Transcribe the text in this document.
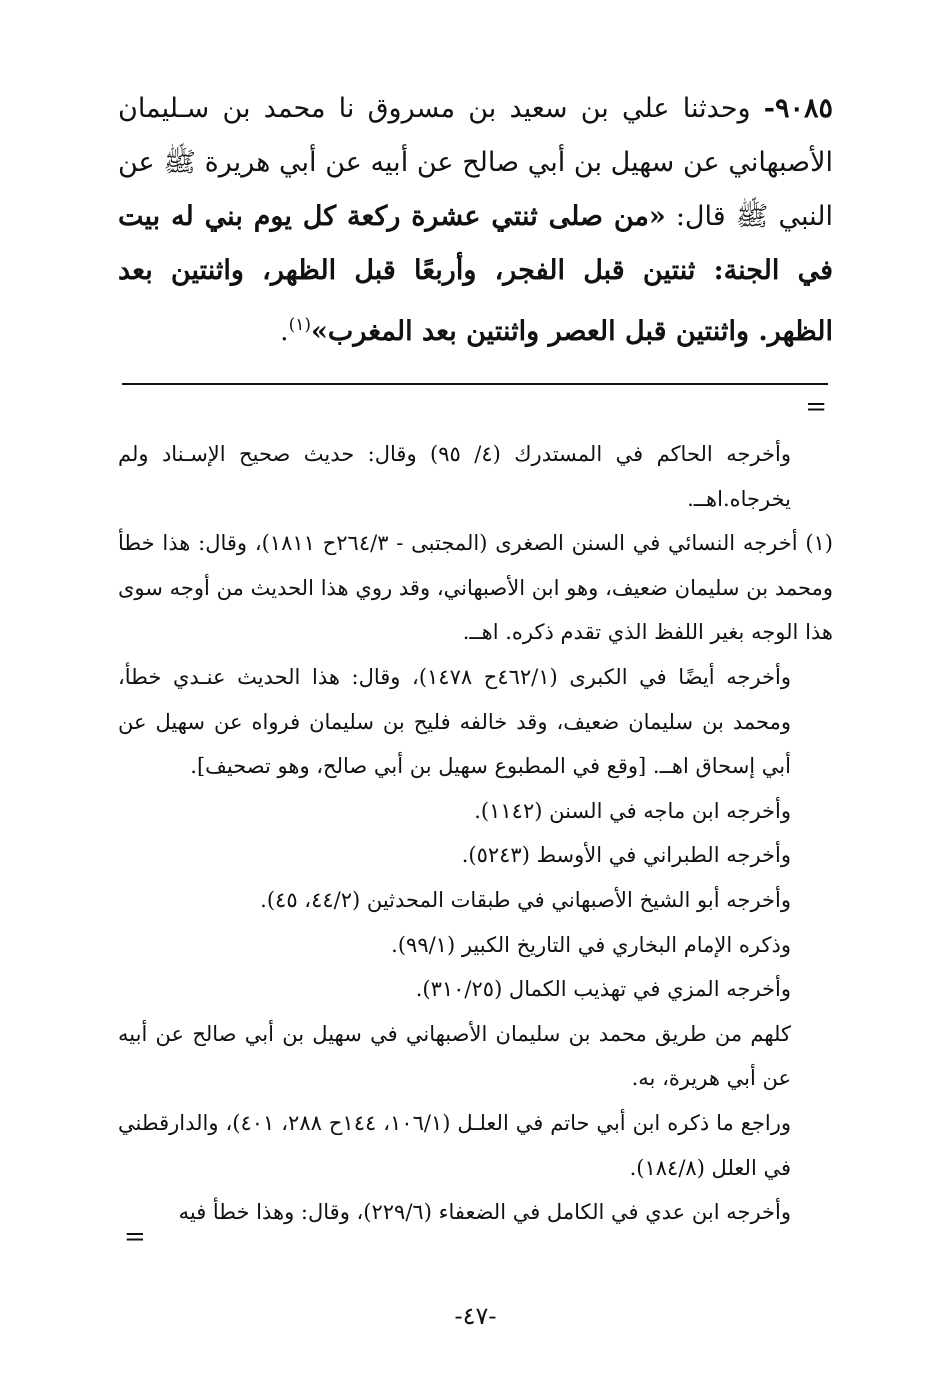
٩٠٨٥- وحدثنا علي بن سعيد بن مسروق نا محمد بن سـليمان الأصبهاني عن سهيل بن أبي صالح عن أبيه عن أبي هريرة ﷺ عن النبي ﷺ قال: «من صلى ثنتي عشرة ركعة كل يوم بني له بيت في الجنة: ثنتين قبل الفجر، وأربعًا قبل الظهر، واثنتين بعد الظهر. واثنتين قبل العصر واثنتين بعد المغرب»$^{(١)}$.
=

وأخرجه الحاكم في المستدرك (٤/ ٩٥) وقال: حديث صحيح الإسـناد ولم يخرجاه.اهــ.

(١) أخرجه النسائي في السنن الصغرى (المجتبى - ٢٦٤/٣ح ١٨١١)، وقال: هذا خطأ ومحمد بن سليمان ضعيف، وهو ابن الأصبهاني، وقد روي هذا الحديث من أوجه سوى هذا الوجه بغير اللفظ الذي تقدم ذكره. اهــ.

وأخرجه أيضًا في الكبرى (٤٦٢/١ح ١٤٧٨)، وقال: هذا الحديث عنـدي خطأ، ومحمد بن سليمان ضعيف، وقد خالفه فليح بن سليمان فرواه عن سهيل عن أبي إسحاق اهــ. [وقع في المطبوع سهيل بن أبي صالح، وهو تصحيف].

وأخرجه ابن ماجه في السنن (١١٤٢).

وأخرجه الطبراني في الأوسط (٥٢٤٣).

وأخرجه أبو الشيخ الأصبهاني في طبقات المحدثين (٤٤/٢، ٤٥).

وذكره الإمام البخاري في التاريخ الكبير (٩٩/١).

وأخرجه المزي في تهذيب الكمال (٣١٠/٢٥).

كلهم من طريق محمد بن سليمان الأصبهاني في سهيل بن أبي صالح عن أبيه عن أبي هريرة، به.

وراجع ما ذكره ابن أبي حاتم في العلـل (١٠٦/١، ١٤٤ح ٢٨٨، ٤٠١)، والدارقطني في العلل (١٨٤/٨).

وأخرجه ابن عدي في الكامل في الضعفاء (٢٢٩/٦)، وقال: وهذا خطأ فيه

=
-٤٧-
